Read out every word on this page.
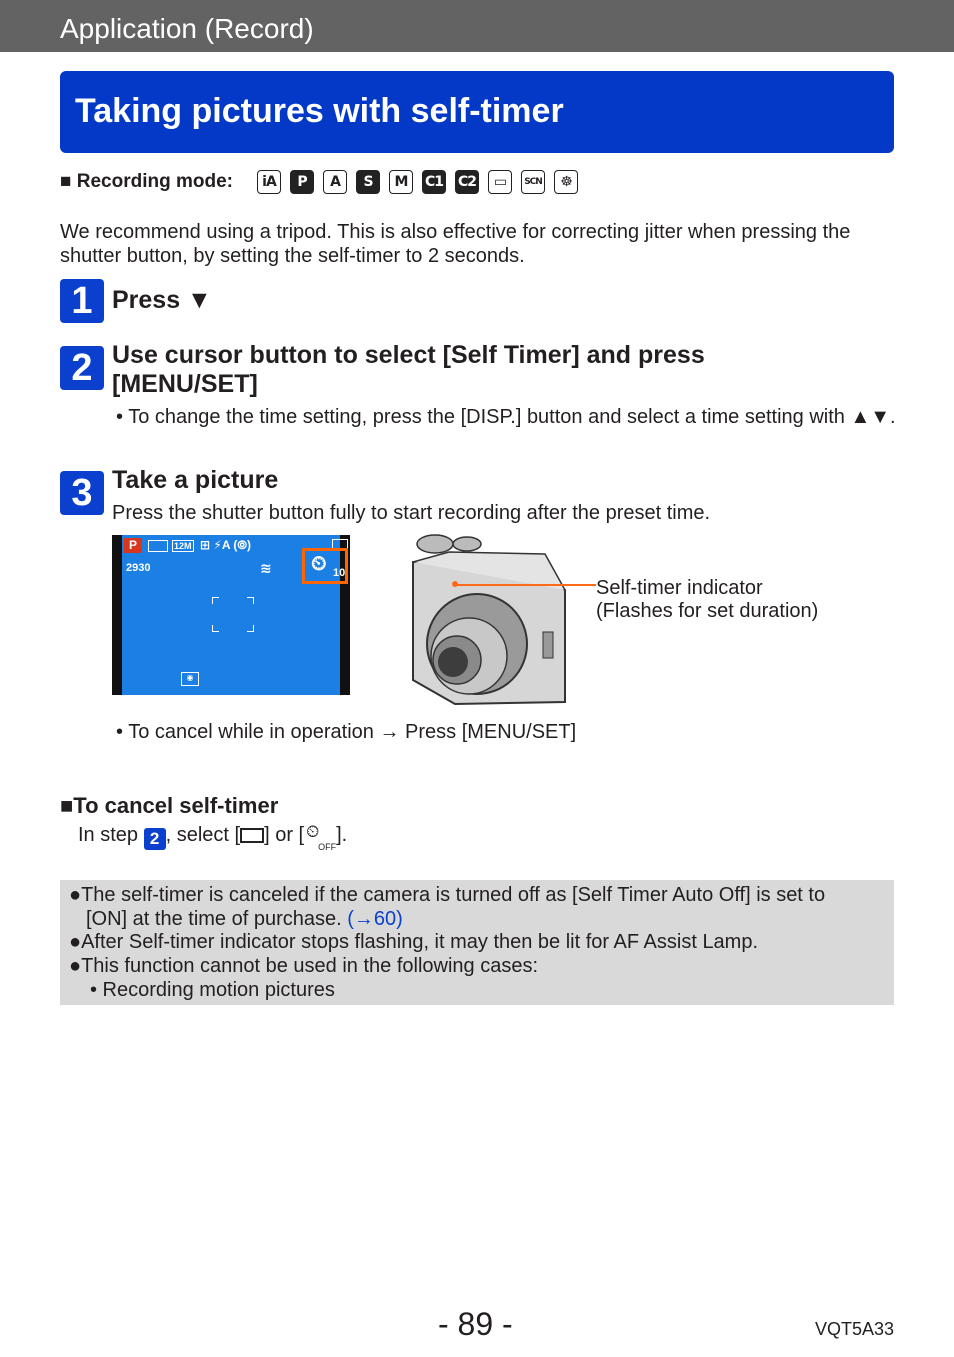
Application (Record)
Taking pictures with self-timer
■ Recording mode:	iA	P	A	S	M	C1 C2	▭	SCN	☸
We recommend using a tripod. This is also effective for correcting jitter when pressing the shutter button, by setting the self-timer to 2 seconds.
1 Press ▼
2 Use cursor button to select [Self Timer] and press [MENU/SET]
• To change the time setting, press the [DISP.] button and select a time setting with ▲▼.
3 Take a picture
Press the shutter button fully to start recording after the preset time.
P	12M ⊞ ⚡A (⦾)
2930	≋ ⏲ 10
◉
Self-timer indicator
(Flashes for set duration)
• To cancel while in operation → Press [MENU/SET]
■To cancel self-timer
In step 2 , select [ ] or [ ⏲
OFF
].
●The self-timer is canceled if the camera is turned off as [Self Timer Auto Off] is set to
[ON] at the time of purchase. (→60)
●After Self-timer indicator stops flashing, it may then be lit for AF Assist Lamp.
●This function cannot be used in the following cases:
• Recording motion pictures
- 89 -	VQT5A33
